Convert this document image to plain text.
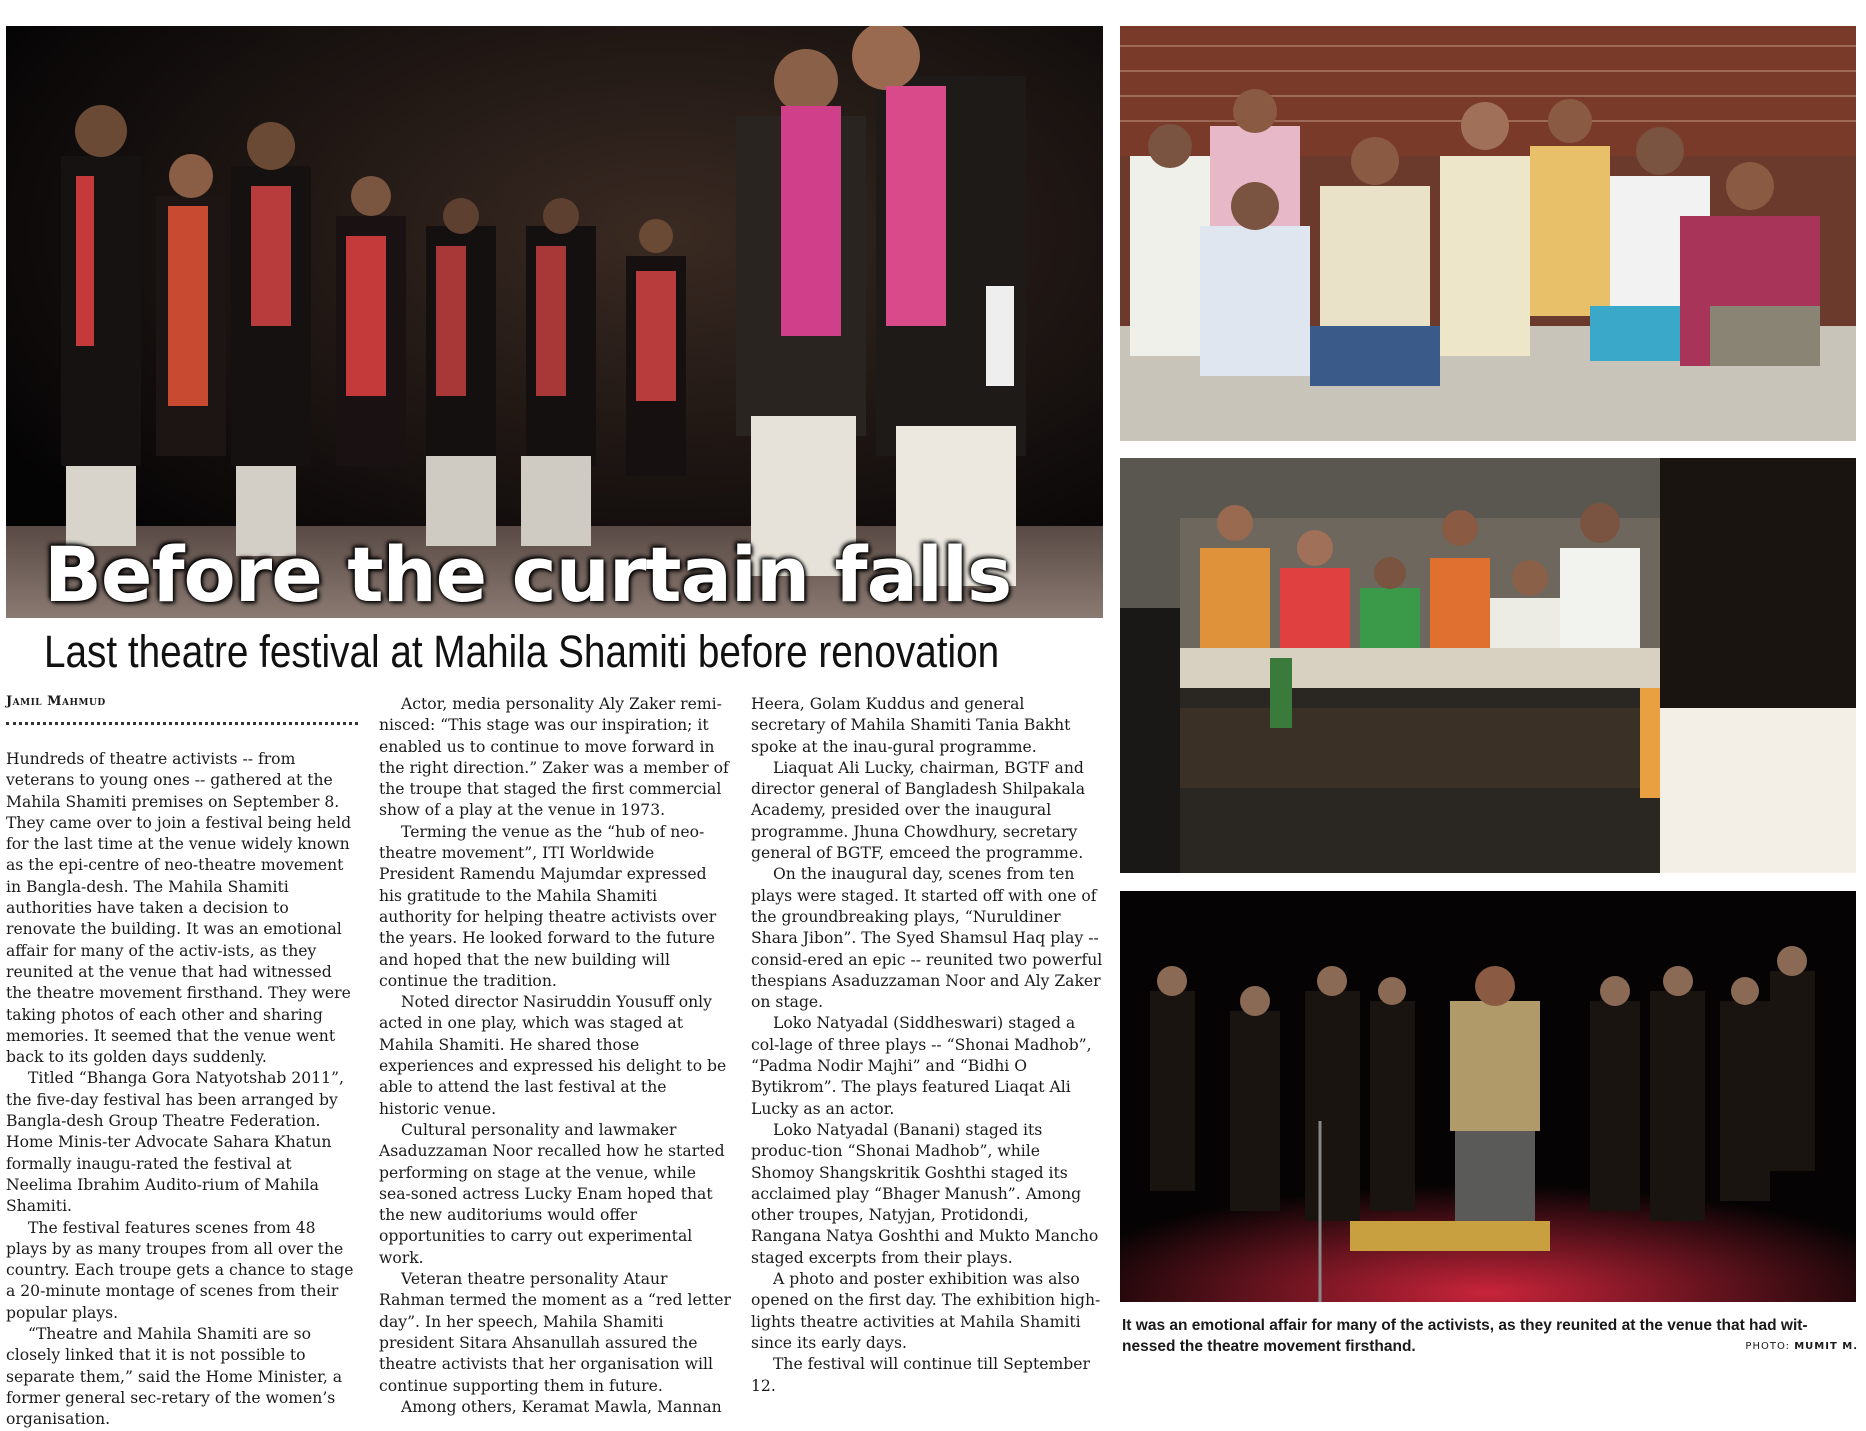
Before the curtain falls
Last theatre festival at Mahila Shamiti before renovation
Jamil Mahmud

Hundreds of theatre activists -- from veterans to young ones -- gathered at the Mahila Shamiti premises on September 8. They came over to join a festival being held for the last time at the venue widely known as the epi-centre of neo-theatre movement in Bangla-desh. The Mahila Shamiti authorities have taken a decision to renovate the building. It was an emotional affair for many of the activ-ists, as they reunited at the venue that had witnessed the theatre movement firsthand. They were taking photos of each other and sharing memories. It seemed that the venue went back to its golden days suddenly.

Titled “Bhanga Gora Natyotshab 2011”, the five-day festival has been arranged by Bangla-desh Group Theatre Federation. Home Minis-ter Advocate Sahara Khatun formally inaugu-rated the festival at Neelima Ibrahim Audito-rium of Mahila Shamiti.

The festival features scenes from 48 plays by as many troupes from all over the country. Each troupe gets a chance to stage a 20-minute montage of scenes from their popular plays.

“Theatre and Mahila Shamiti are so closely linked that it is not possible to separate them,” said the Home Minister, a former general sec-retary of the women’s organisation.

Actor, media personality Aly Zaker remi-nisced: “This stage was our inspiration; it enabled us to continue to move forward in the right direction.” Zaker was a member of the troupe that staged the first commercial show of a play at the venue in 1973.

Terming the venue as the “hub of neo-theatre movement”, ITI Worldwide President Ramendu Majumdar expressed his gratitude to the Mahila Shamiti authority for helping theatre activists over the years. He looked forward to the future and hoped that the new building will continue the tradition.

Noted director Nasiruddin Yousuff only acted in one play, which was staged at Mahila Shamiti. He shared those experiences and expressed his delight to be able to attend the last festival at the historic venue.

Cultural personality and lawmaker Asaduzzaman Noor recalled how he started performing on stage at the venue, while sea-soned actress Lucky Enam hoped that the new auditoriums would offer opportunities to carry out experimental work.

Veteran theatre personality Ataur Rahman termed the moment as a “red letter day”. In her speech, Mahila Shamiti president Sitara Ahsanullah assured the theatre activists that her organisation will continue supporting them in future.

Among others, Keramat Mawla, Mannan

Heera, Golam Kuddus and general secretary of Mahila Shamiti Tania Bakht spoke at the inau-gural programme.

Liaquat Ali Lucky, chairman, BGTF and director general of Bangladesh Shilpakala Academy, presided over the inaugural programme. Jhuna Chowdhury, secretary general of BGTF, emceed the programme.

On the inaugural day, scenes from ten plays were staged. It started off with one of the groundbreaking plays, “Nuruldiner Shara Jibon”. The Syed Shamsul Haq play -- consid-ered an epic -- reunited two powerful thespians Asaduzzaman Noor and Aly Zaker on stage.

Loko Natyadal (Siddheswari) staged a col-lage of three plays -- “Shonai Madhob”, “Padma Nodir Majhi” and “Bidhi O Bytikrom”. The plays featured Liaqat Ali Lucky as an actor.

Loko Natyadal (Banani) staged its produc-tion “Shonai Madhob”, while Shomoy Shangskritik Goshthi staged its acclaimed play “Bhager Manush”. Among other troupes, Natyjan, Protidondi, Rangana Natya Goshthi and Mukto Mancho staged excerpts from their plays.

A photo and poster exhibition was also opened on the first day. The exhibition high-lights theatre activities at Mahila Shamiti since its early days.

The festival will continue till September 12.

It was an emotional affair for many of the activists, as they reunited at the venue that had wit-nessed the theatre movement firsthand.	PHOTO: MUMIT M.
